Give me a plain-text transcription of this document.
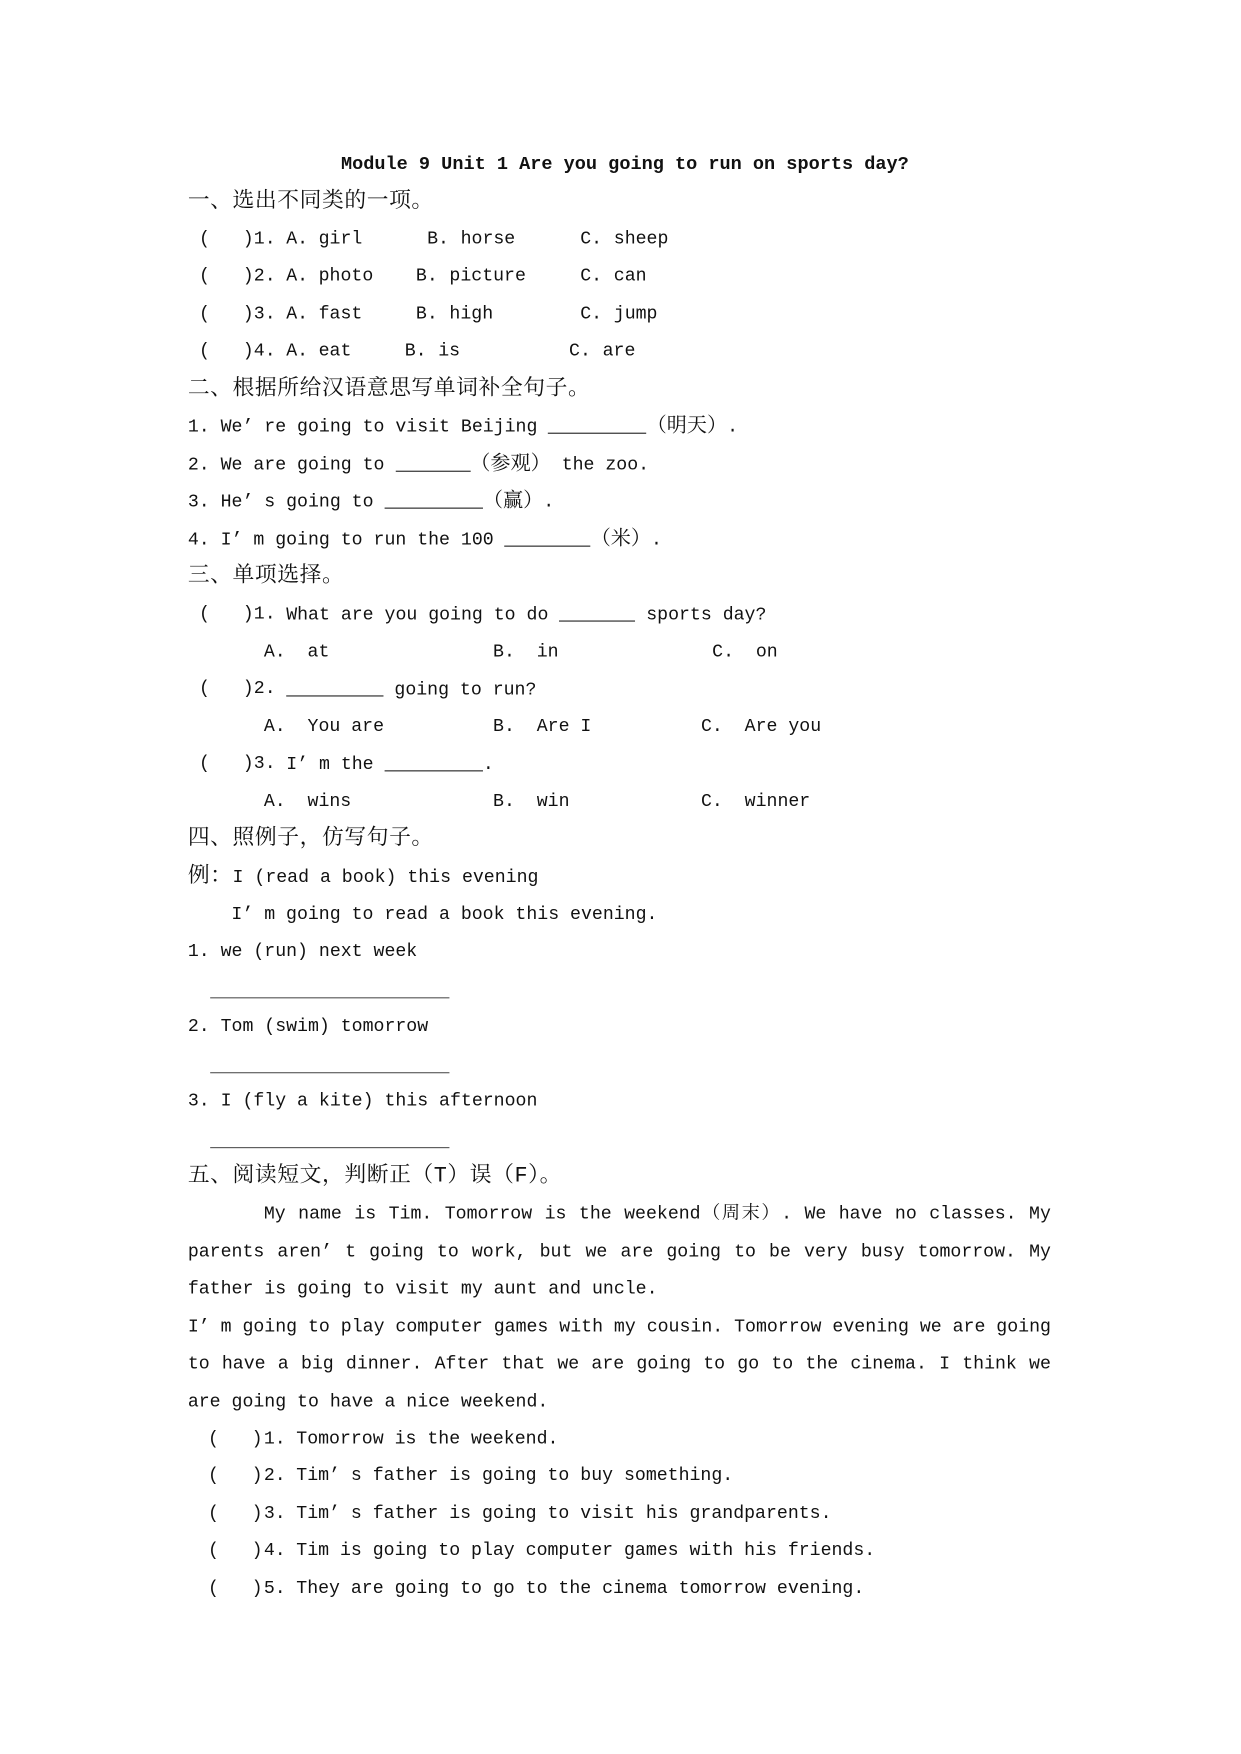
Module 9 Unit 1 Are you going to run on sports day?
一、选出不同类的一项。

(   )

1.

A.

girl

	B.

horse

	C.

sheep

(   )

2.

A.

photo

	B.

picture

	C.

can

(   )

3.

A.

fast

	B.

high

	C.

jump

(   )

4.

A.

eat

	B.

is

	C.

are

二、根据所给汉语意思写单词补全句子。
1. We’ re going to visit Beijing	（明天）.
2. We are going to	（参观） the zoo.
3. He’ s going to	（赢）.
4. I’ m going to run the 100	（米）.
三、单项选择。

(   )

1.

What are you going to do	sports day?

A.  at

	B.  in

	C.  on

(   )

2.

	going to run?

A.  You are

	B.  Are I

	C.  Are you

(   )

3.

I’ m the	.

A.  wins

	B.  win

	C.  winner

四、照例子，仿写句子。
例：I (read a book) this evening
I’ m going to read a book this evening.
1. we (run) next week
2. Tom (swim) tomorrow
3. I (fly a kite) this afternoon
五、阅读短文，判断正（T）误（F）。
My name is Tim. Tomorrow is the weekend（周末）. We have no classes. My
parents aren’ t going to work, but we are going to be very busy tomorrow. My
father is going to visit my aunt and uncle.
I’ m going to play computer games with my cousin. Tomorrow evening we are going
to have a big dinner. After that we are going to go to the cinema. I think we
are going to have a nice weekend.

(   )

1.

Tomorrow is the weekend.

(   )

2.

Tim’ s father is going to buy something.

(   )

3.

Tim’ s father is going to visit his grandparents.

(   )

4.

Tim is going to play computer games with his friends.

(   )

5.

They are going to go to the cinema tomorrow evening.
